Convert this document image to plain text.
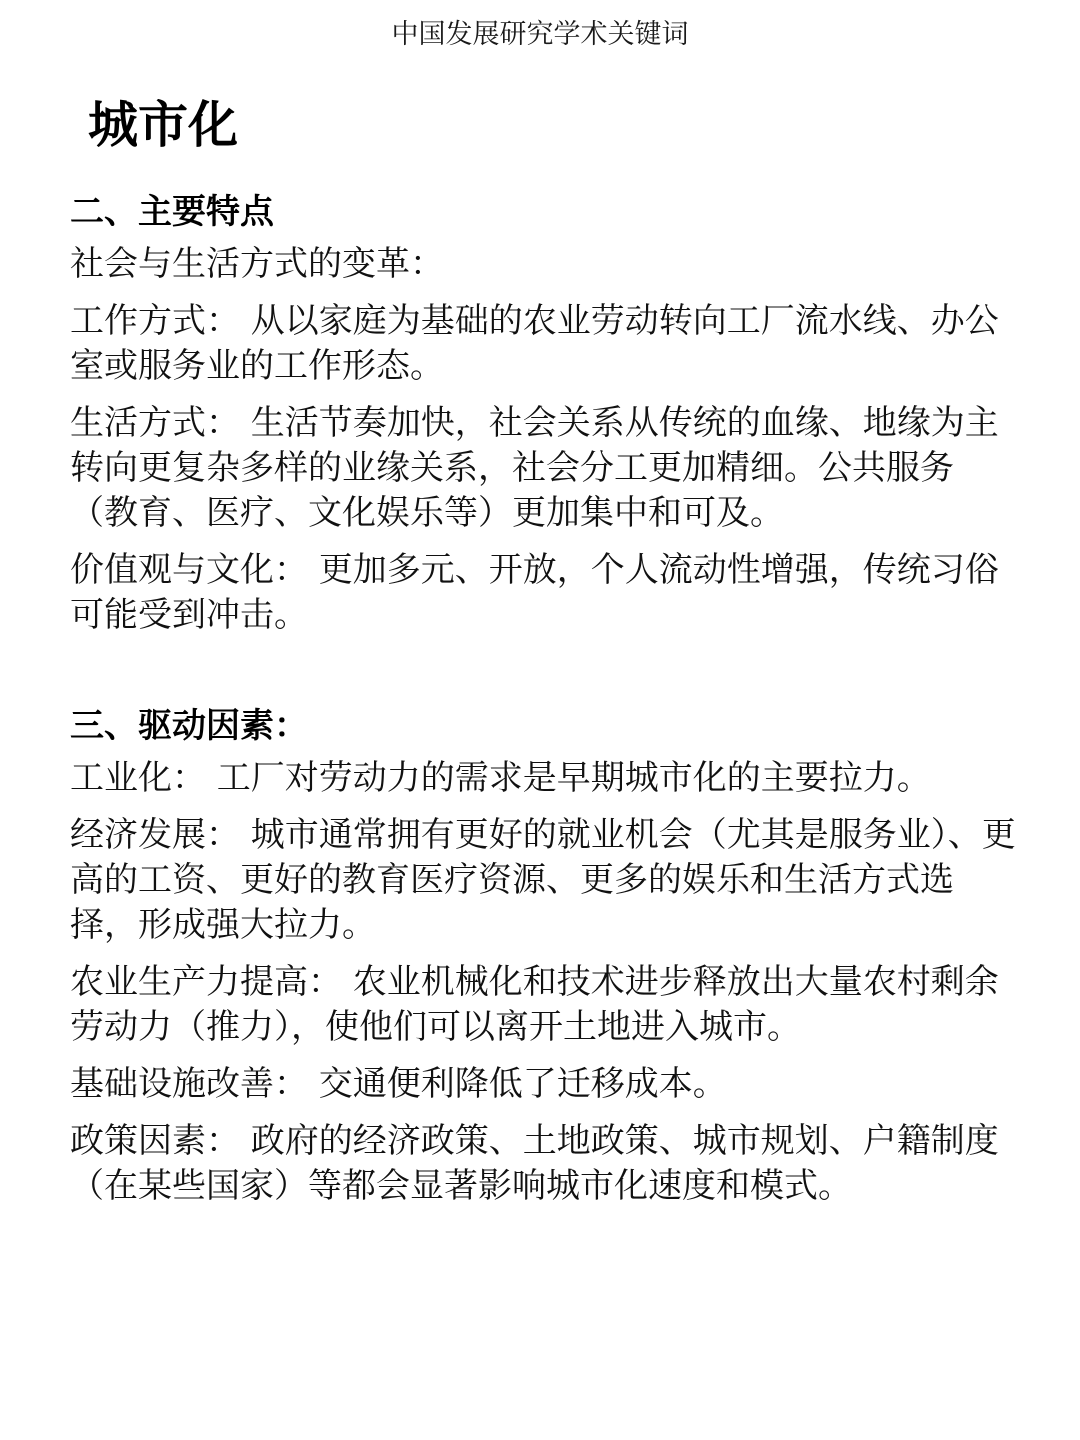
中国发展研究学术关键词
城市化
二、主要特点

社会与生活方式的变革：

工作方式： 从以家庭为基础的农业劳动转向工厂流水线、办公室或服务业的工作形态。

生活方式： 生活节奏加快，社会关系从传统的血缘、地缘为主转向更复杂多样的业缘关系，社会分工更加精细。公共服务（教育、医疗、文化娱乐等）更加集中和可及。

价值观与文化： 更加多元、开放，个人流动性增强，传统习俗可能受到冲击。

三、驱动因素：

工业化： 工厂对劳动力的需求是早期城市化的主要拉力。

经济发展： 城市通常拥有更好的就业机会（尤其是服务业）、更高的工资、更好的教育医疗资源、更多的娱乐和生活方式选择，形成强大拉力。

农业生产力提高： 农业机械化和技术进步释放出大量农村剩余劳动力（推力），使他们可以离开土地进入城市。

基础设施改善： 交通便利降低了迁移成本。

政策因素： 政府的经济政策、土地政策、城市规划、户籍制度（在某些国家）等都会显著影响城市化速度和模式。
